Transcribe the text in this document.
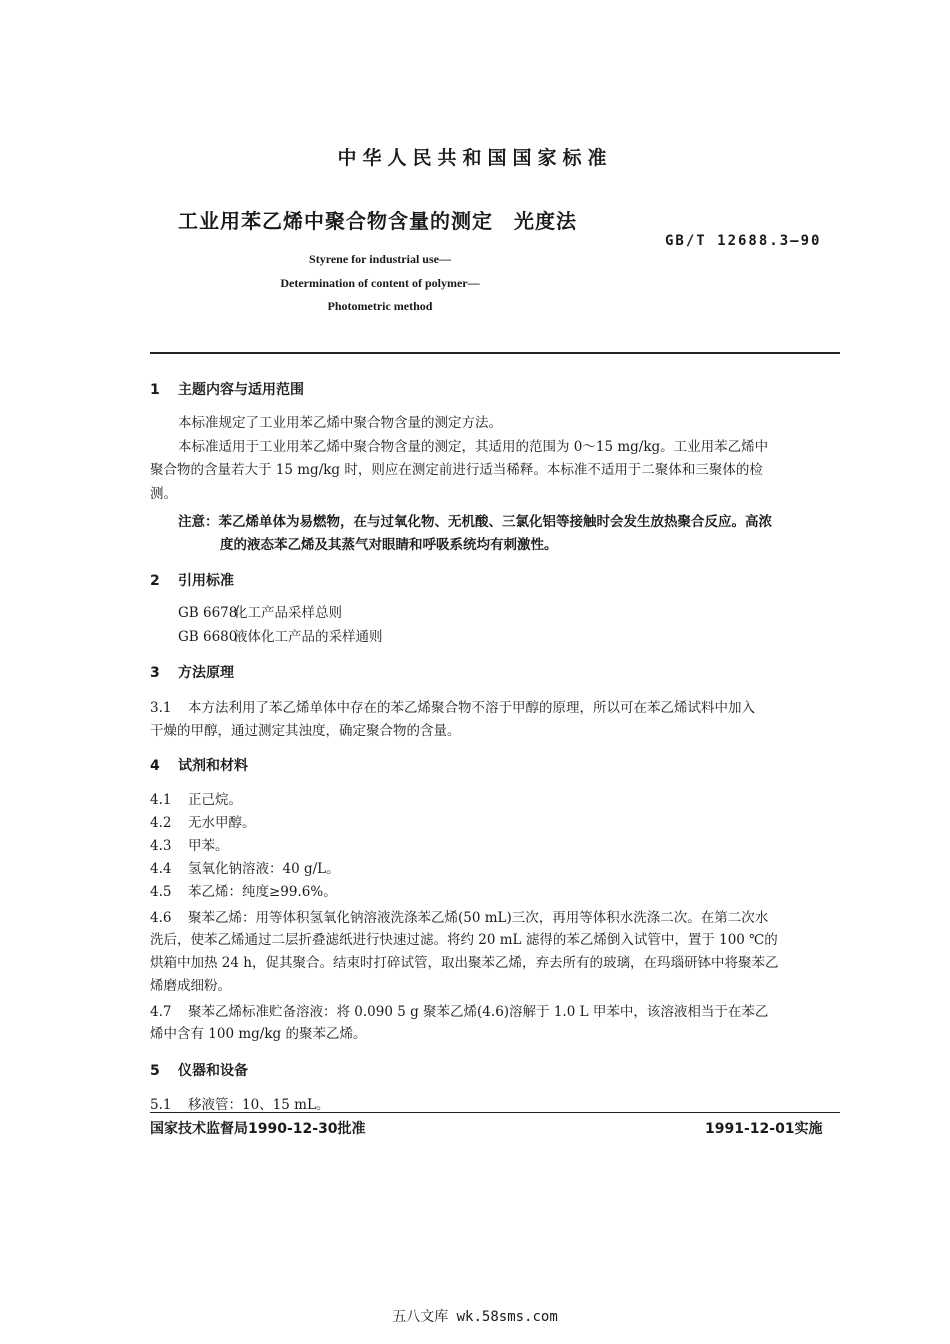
中华人民共和国国家标准
工业用苯乙烯中聚合物含量的测定　光度法
GB/T 12688.3—90
Styrene for industrial use—
Determination of content of polymer—
Photometric method
1 主题内容与适用范围
本标准规定了工业用苯乙烯中聚合物含量的测定方法。
本标准适用于工业用苯乙烯中聚合物含量的测定，其适用的范围为 0～15 mg/kg。工业用苯乙烯中
聚合物的含量若大于 15 mg/kg 时，则应在测定前进行适当稀释。本标准不适用于二聚体和三聚体的检
测。
注意：苯乙烯单体为易燃物，在与过氧化物、无机酸、三氯化铝等接触时会发生放热聚合反应。高浓
度的液态苯乙烯及其蒸气对眼睛和呼吸系统均有刺激性。
2 引用标准
GB 6678化工产品采样总则
GB 6680液体化工产品的采样通则
3 方法原理
3.1 本方法利用了苯乙烯单体中存在的苯乙烯聚合物不溶于甲醇的原理，所以可在苯乙烯试料中加入
干燥的甲醇，通过测定其浊度，确定聚合物的含量。
4 试剂和材料
4.1 正己烷。
4.2 无水甲醇。
4.3 甲苯。
4.4 氢氧化钠溶液：40 g/L。
4.5 苯乙烯：纯度≥99.6%。
4.6 聚苯乙烯：用等体积氢氧化钠溶液洗涤苯乙烯(50 mL)三次，再用等体积水洗涤二次。在第二次水
洗后，使苯乙烯通过二层折叠滤纸进行快速过滤。将约 20 mL 滤得的苯乙烯倒入试管中，置于 100 ℃的
烘箱中加热 24 h，促其聚合。结束时打碎试管，取出聚苯乙烯，弃去所有的玻璃，在玛瑙研钵中将聚苯乙
烯磨成细粉。
4.7 聚苯乙烯标准贮备溶液：将 0.090 5 g 聚苯乙烯(4.6)溶解于 1.0 L 甲苯中，该溶液相当于在苯乙
烯中含有 100 mg/kg 的聚苯乙烯。
5 仪器和设备
5.1 移液管：10、15 mL。
国家技术监督局1990-12-30批准	1991-12-01实施
五八文库 wk.58sms.com
